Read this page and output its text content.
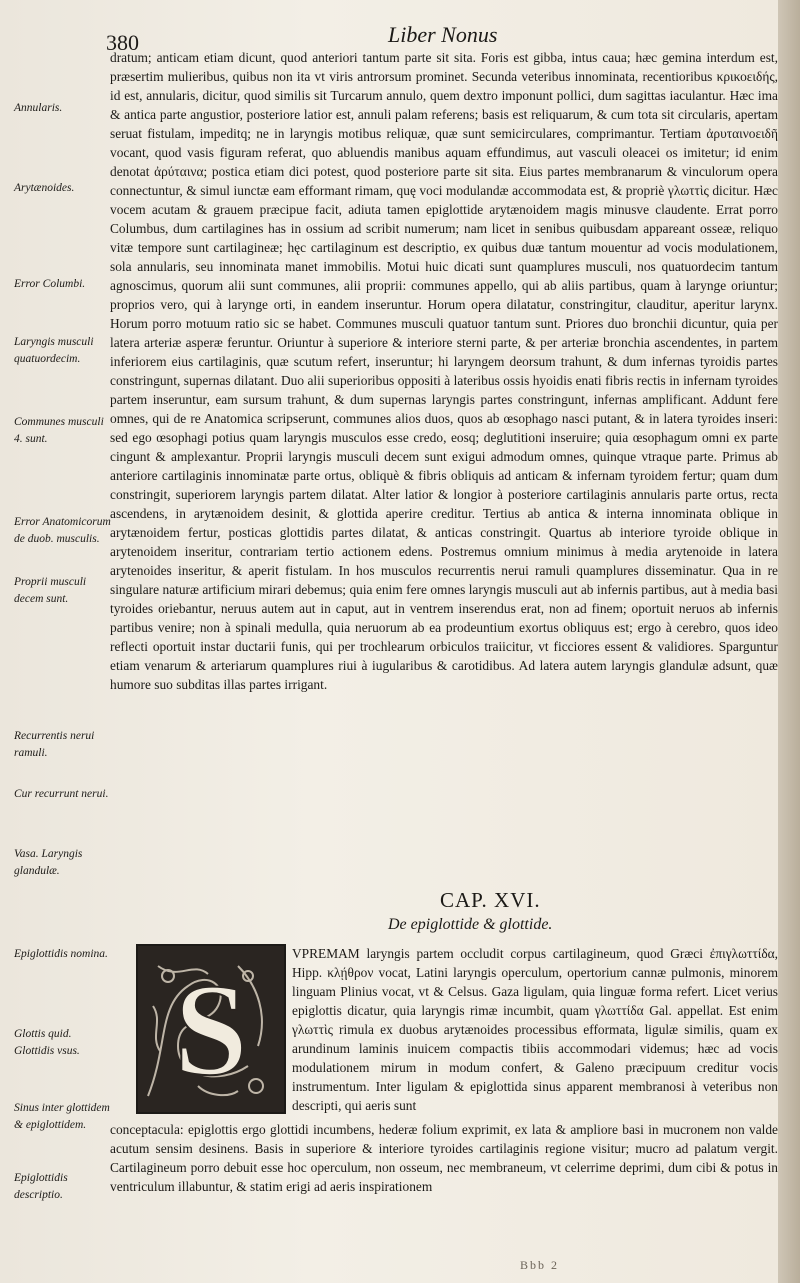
380	Liber Nonus

dratum; anticam etiam dicunt, quod anteriori tantum parte sit sita. Foris est gibba, intus caua; hæc gemina interdum est, præsertim mulieribus, quibus non ita vt viris antrorsum prominet. Secunda veteribus innominata, recentioribus κρικοειδής, id est, annularis, dicitur, quod similis sit Turcarum annulo, quem dextro imponunt pollici, dum sagittas iaculantur. Hæc ima & antica parte angustior, posteriore latior est, annuli palam referens; basis est reliquarum, & cum tota sit circularis, apertam seruat fistulam, impeditq; ne in laryngis motibus reliquæ, quæ sunt semicirculares, comprimantur. Tertiam ἀρυταινοειδῆ vocant, quod vasis figuram referat, quo abluendis manibus aquam effundimus, aut vasculi oleacei os imitetur; id enim denotat ἀρύταινα; postica etiam dici potest, quod posteriore parte sit sita. Eius partes membranarum & vinculorum opera connectuntur, & simul iunctæ eam efformant rimam, quę voci modulandæ accommodata est, & propriè γλωττὶς dicitur. Hæc vocem acutam & grauem præcipue facit, adiuta tamen epiglottide arytænoidem magis minusve claudente. Errat porro Columbus, dum cartilagines has in ossium ad scribit numerum; nam licet in senibus quibusdam appareant osseæ, reliquo vitæ tempore sunt cartilagineæ; hęc cartilaginum est descriptio, ex quibus duæ tantum mouentur ad vocis modulationem, sola annularis, seu innominata manet immobilis. Motui huic dicati sunt quamplures musculi, nos quatuordecim tantum agnoscimus, quorum alii sunt communes, alii proprii: communes appello, qui ab aliis partibus, quam à larynge oriuntur; proprios vero, qui à larynge orti, in eandem inseruntur. Horum opera dilatatur, constringitur, clauditur, aperitur larynx. Horum porro motuum ratio sic se habet. Communes musculi quatuor tantum sunt. Priores duo bronchii dicuntur, quia per latera arteriæ asperæ feruntur. Oriuntur à superiore & interiore sterni parte, & per arteriæ bronchia ascendentes, in partem inferiorem eius cartilaginis, quæ scutum refert, inseruntur; hi laryngem deorsum trahunt, & dum infernas tyroidis partes constringunt, supernas dilatant. Duo alii superioribus oppositi à lateribus ossis hyoidis enati fibris rectis in infernam tyroides partem inseruntur, eam sursum trahunt, & dum supernas laryngis partes constringunt, infernas amplificant. Addunt fere omnes, qui de re Anatomica scripserunt, communes alios duos, quos ab œsophago nasci putant, & in latera tyroides inseri: sed ego œsophagi potius quam laryngis musculos esse credo, eosq; deglutitioni inseruire; quia œsophagum omni ex parte cingunt & amplexantur. Proprii laryngis musculi decem sunt exigui admodum omnes, quinque vtraque parte. Primus ab anteriore cartilaginis innominatæ parte ortus, obliquè & fibris obliquis ad anticam & infernam tyroidem fertur; quam dum constringit, superiorem laryngis partem dilatat. Alter latior & longior à posteriore cartilaginis annularis parte ortus, recta ascendens, in arytænoidem desinit, & glottida aperire creditur. Tertius ab antica & interna innominata oblique in arytænoidem fertur, posticas glottidis partes dilatat, & anticas constringit. Quartus ab interiore tyroide oblique in arytenoidem inseritur, contrariam tertio actionem edens. Postremus omnium minimus à media arytenoide in latera arytenoides inseritur, & aperit fistulam. In hos musculos recurrentis nerui ramuli quamplures disseminatur. Qua in re singulare naturæ artificium mirari debemus; quia enim fere omnes laryngis musculi aut ab infernis partibus, aut à media basi tyroides oriebantur, neruus autem aut in caput, aut in ventrem inserendus erat, non ad finem; oportuit neruos ab infernis partibus venire; non à spinali medulla, quia neruorum ab ea prodeuntium exortus obliquus est; ergo à cerebro, quos ideo reflecti oportuit instar ductarii funis, qui per trochlearum orbiculos traiicitur, vt ficciores essent & validiores. Sparguntur etiam venarum & arteriarum quamplures riui à iugularibus & carotidibus. Ad latera autem laryngis glandulæ adsunt, quæ humore suo subditas illas partes irrigant.

Annularis.
Arytænoides.
Error Columbi.
Laryngis musculi quatuordecim.
Communes musculi 4. sunt.
Error Anatomicorum de duob. musculis.
Proprii musculi decem sunt.
Recurrentis nerui ramuli.
Cur recurrunt nerui.
Vasa. Laryngis glandulæ.
Epiglottidis nomina.
Glottis quid. Glottidis vsus.
Sinus inter glottidem & epiglottidem.
Epiglottidis descriptio.
CAP. XVI.
De epiglottide & glottide.
S

VPREMAM laryngis partem occludit corpus cartilagineum, quod Græci ἐπιγλωττίδα, Hipp. κλῄθρον vocat, Latini laryngis operculum, opertorium cannæ pulmonis, minorem linguam Plinius vocat, vt & Celsus. Gaza ligulam, quia linguæ forma refert. Licet verius epiglottis dicatur, quia laryngis rimæ incumbit, quam γλωττίδα Gal. appellat. Est enim γλωττὶς rimula ex duobus arytænoides processibus efformata, ligulæ similis, quam ex arundinum laminis inuicem compactis tibiis accommodari videmus; hæc ad vocis modulationem mirum in modum confert, & Galeno præcipuum creditur vocis instrumentum. Inter ligulam & epiglottida sinus apparent membranosi à veteribus non descripti, qui aeris sunt

conceptacula: epiglottis ergo glottidi incumbens, hederæ folium exprimit, ex lata & ampliore basi in mucronem non valde acutum sensim desinens. Basis in superiore & interiore tyroides cartilaginis regione visitur; mucro ad palatum vergit. Cartilagineum porro debuit esse hoc operculum, non osseum, nec membraneum, vt celerrime deprimi, dum cibi & potus in ventriculum illabuntur, & statim erigi ad aeris inspirationem

Bbb 2
